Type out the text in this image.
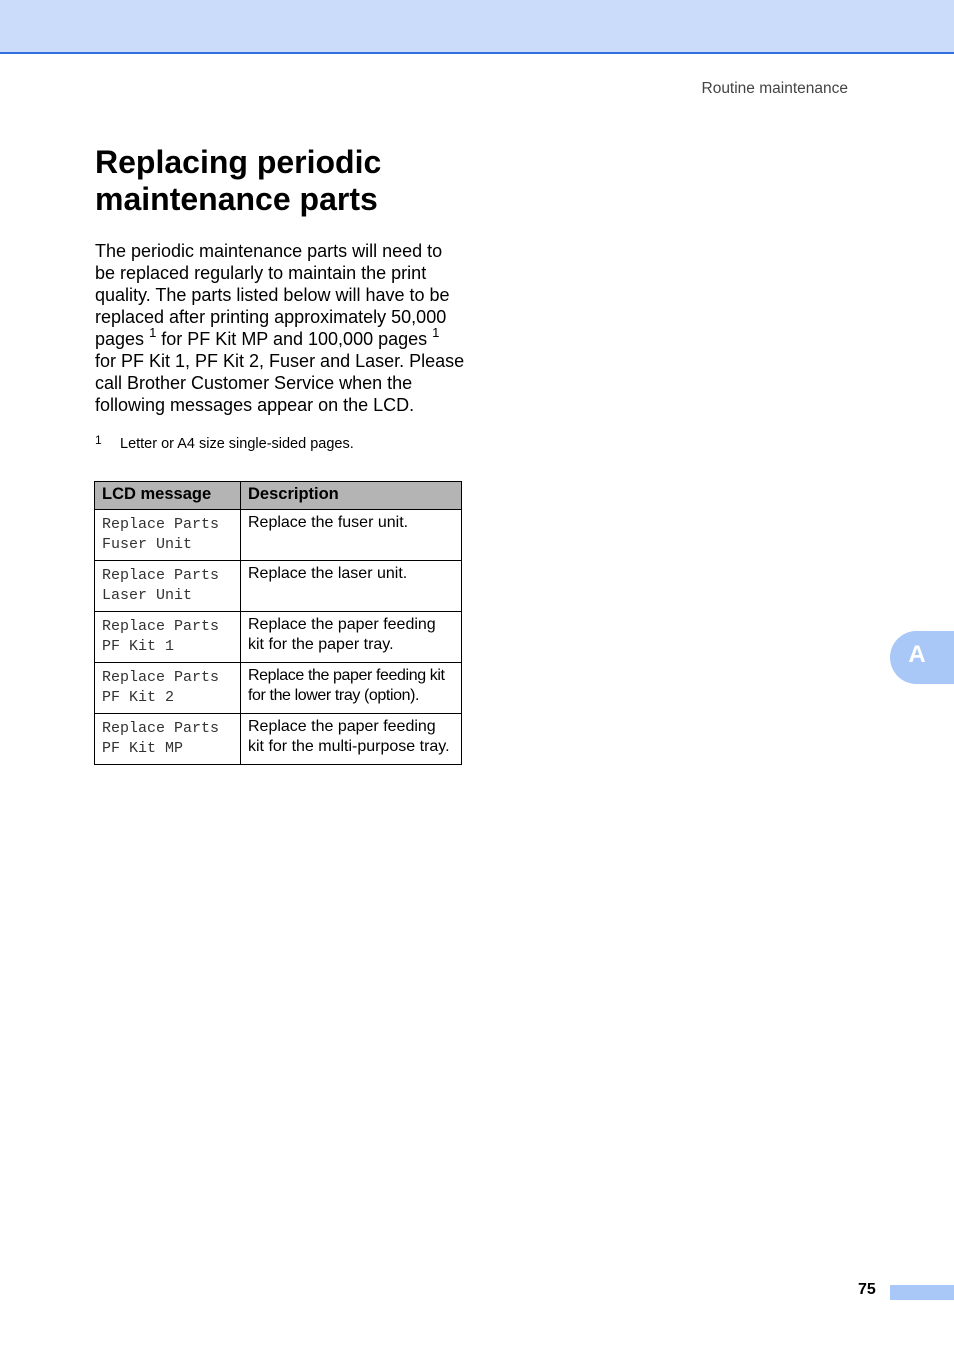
Routine maintenance
Replacing periodic
maintenance parts

The periodic maintenance parts will need to be replaced regularly to maintain the print quality. The parts listed below will have to be replaced after printing approximately 50,000 pages $^1$ for PF Kit MP and 100,000 pages $^1$
for PF Kit 1, PF Kit 2, Fuser and Laser. Please call Brother Customer Service when the following messages appear on the LCD.

1 Letter or A4 size single-sided pages.
LCD message	Description
Replace Parts
Fuser Unit	Replace the fuser unit.
Replace Parts
Laser Unit	Replace the laser unit.
Replace Parts
PF Kit 1	Replace the paper feeding kit for the paper tray.
Replace Parts
PF Kit 2	Replace the paper feeding kit for the lower tray (option).
Replace Parts
PF Kit MP	Replace the paper feeding kit for the multi-purpose tray.
A
75
